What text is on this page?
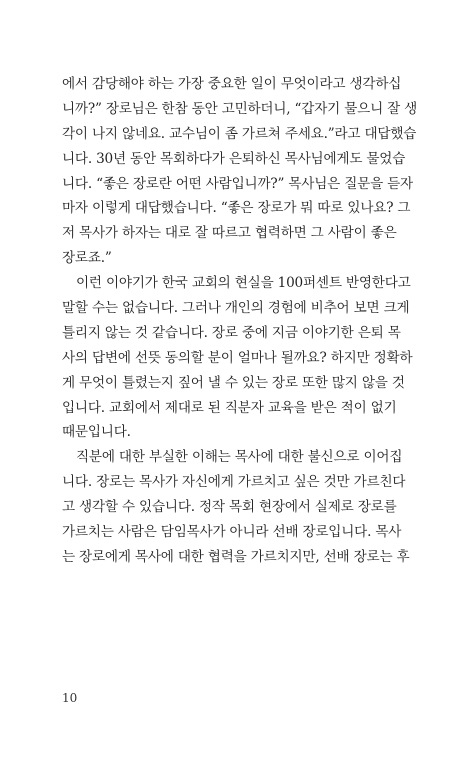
에서 감당해야 하는 가장 중요한 일이 무엇이라고 생각하십
니까?” 장로님은 한참 동안 고민하더니, “갑자기 물으니 잘 생
각이 나지 않네요. 교수님이 좀 가르쳐 주세요.”라고 대답했습
니다. 30년 동안 목회하다가 은퇴하신 목사님에게도 물었습
니다. “좋은 장로란 어떤 사람입니까?” 목사님은 질문을 듣자
마자 이렇게 대답했습니다. “좋은 장로가 뭐 따로 있나요? 그
저 목사가 하자는 대로 잘 따르고 협력하면 그 사람이 좋은
장로죠.”
이런 이야기가 한국 교회의 현실을 100퍼센트 반영한다고
말할 수는 없습니다. 그러나 개인의 경험에 비추어 보면 크게
틀리지 않는 것 같습니다. 장로 중에 지금 이야기한 은퇴 목
사의 답변에 선뜻 동의할 분이 얼마나 될까요? 하지만 정확하
게 무엇이 틀렸는지 짚어 낼 수 있는 장로 또한 많지 않을 것
입니다. 교회에서 제대로 된 직분자 교육을 받은 적이 없기
때문입니다.
직분에 대한 부실한 이해는 목사에 대한 불신으로 이어집
니다. 장로는 목사가 자신에게 가르치고 싶은 것만 가르친다
고 생각할 수 있습니다. 정작 목회 현장에서 실제로 장로를
가르치는 사람은 담임목사가 아니라 선배 장로입니다. 목사
는 장로에게 목사에 대한 협력을 가르치지만, 선배 장로는 후
10
